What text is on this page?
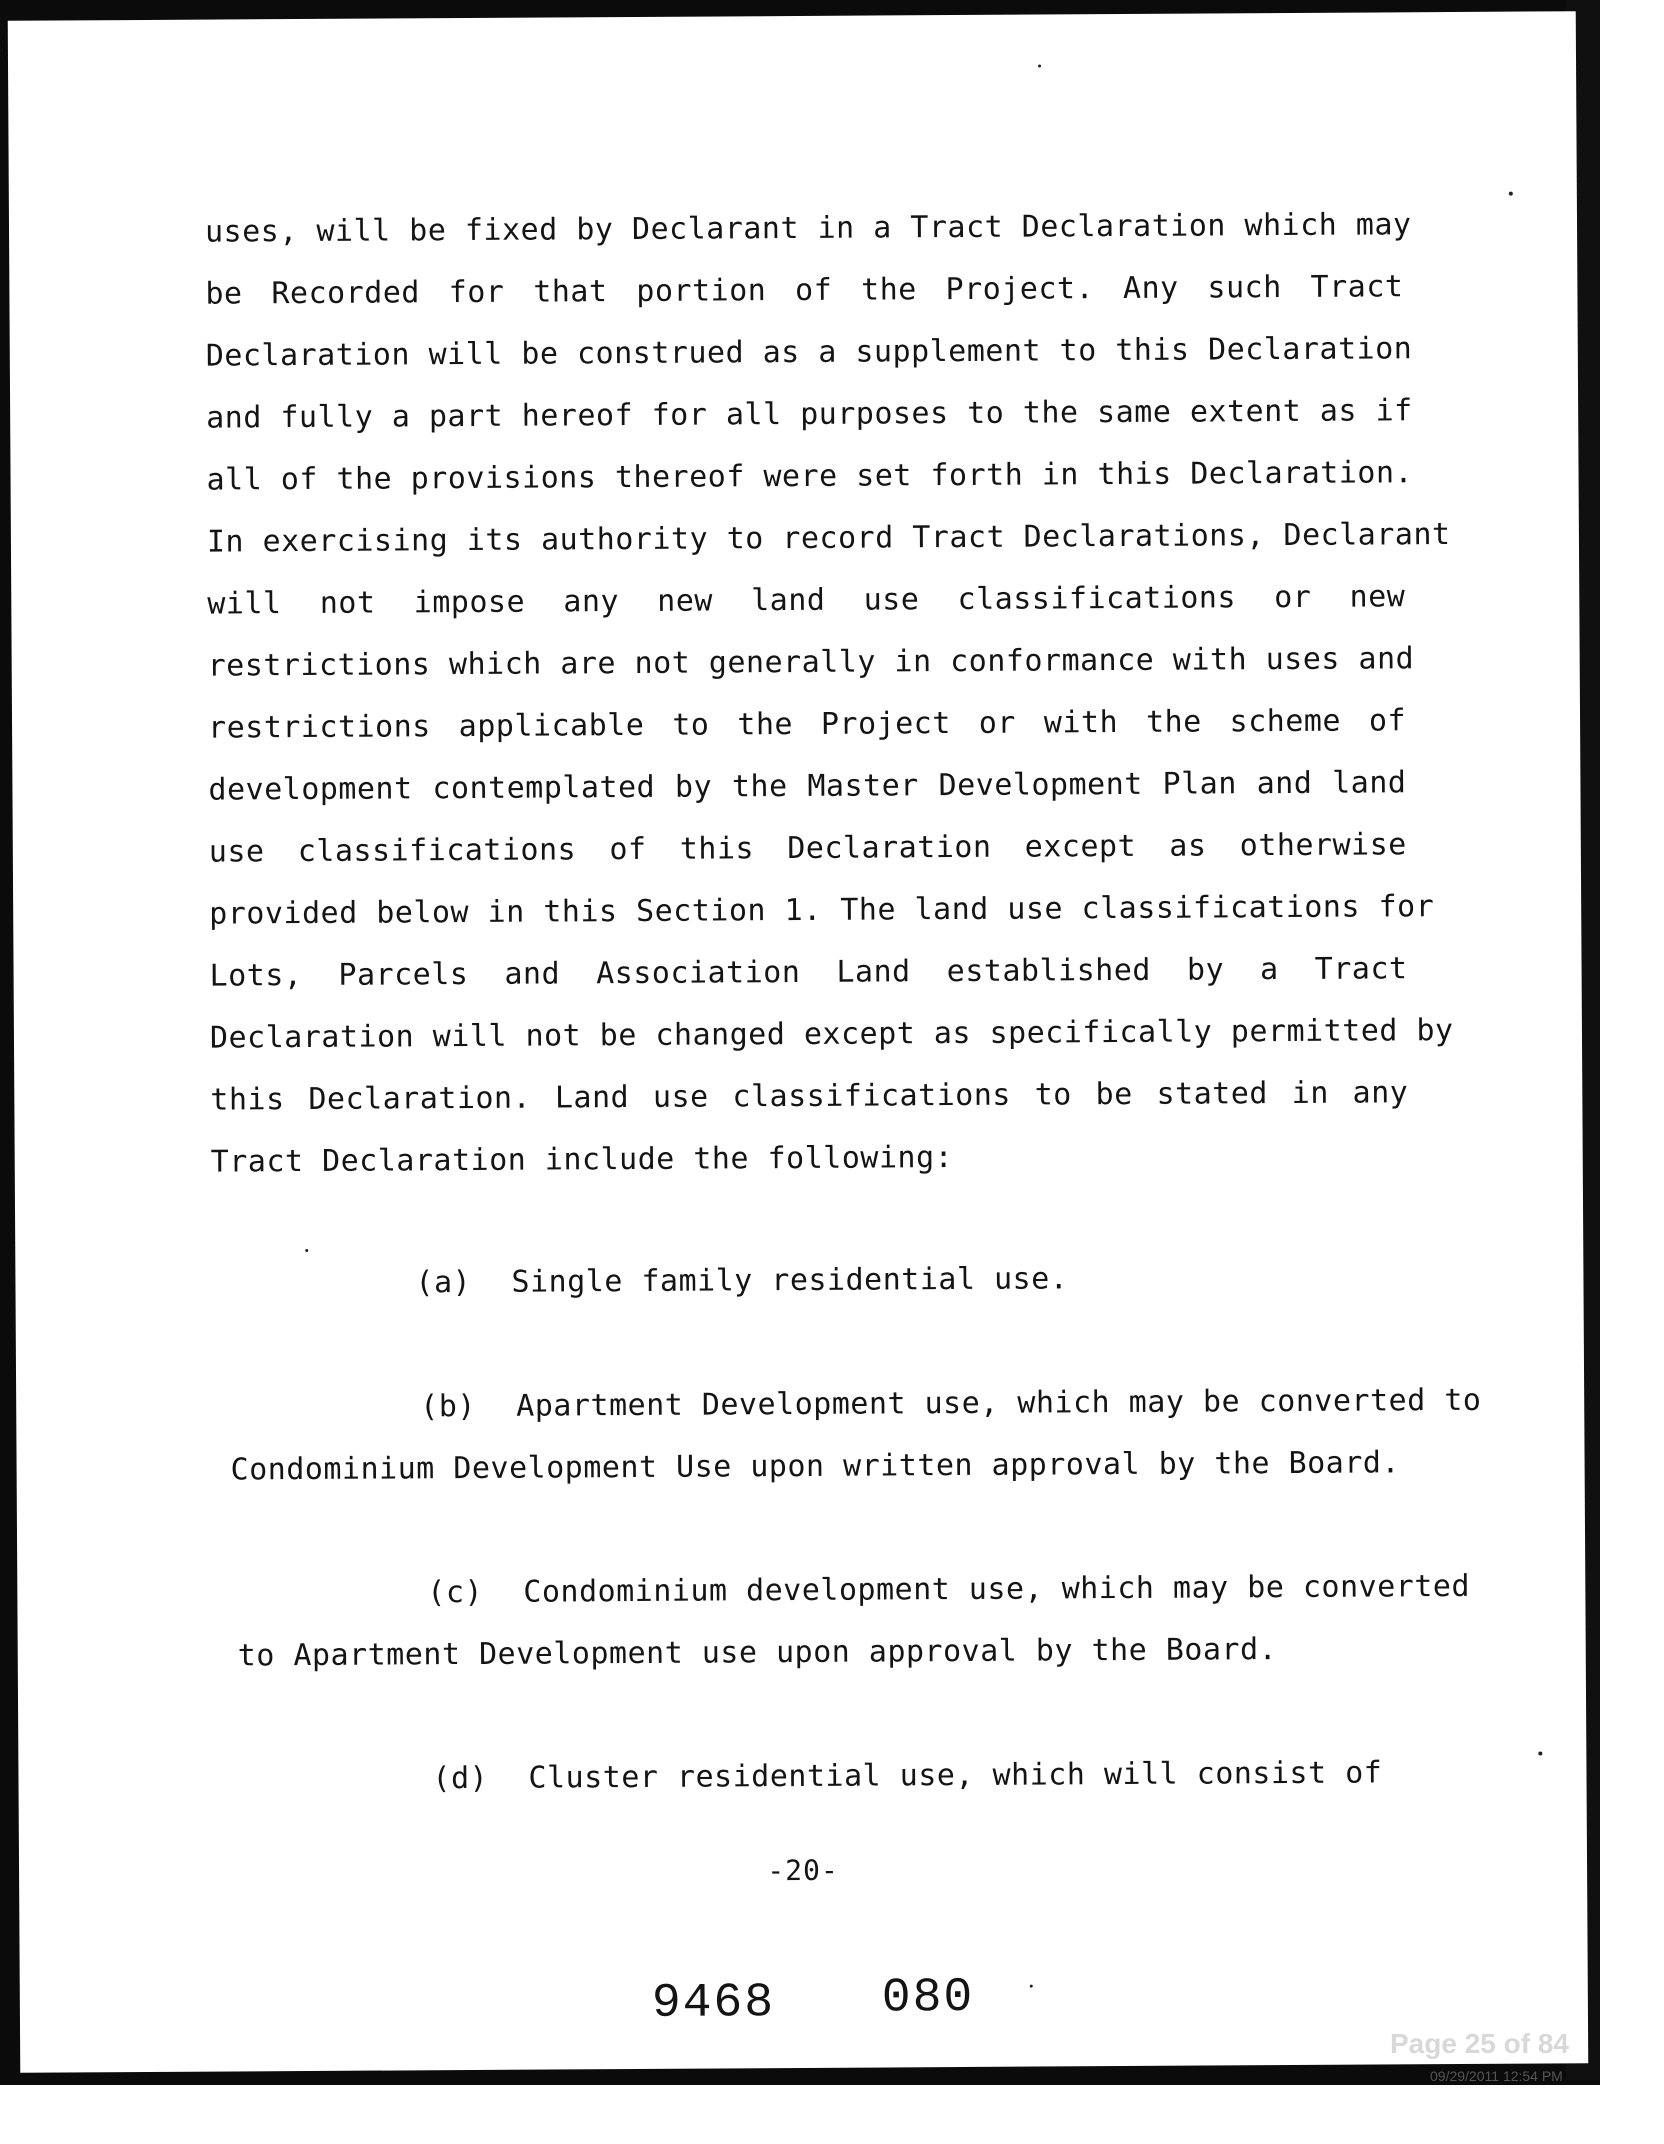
uses, will be fixed by Declarant in a Tract Declaration which may
be Recorded for that portion of the Project. Any such Tract
Declaration will be construed as a supplement to this Declaration
and fully a part hereof for all purposes to the same extent as if
all of the provisions thereof were set forth in this Declaration.
In exercising its authority to record Tract Declarations, Declarant
will not impose any new land use classifications or new
restrictions which are not generally in conformance with uses and
restrictions applicable to the Project or with the scheme of
development contemplated by the Master Development Plan and land
use classifications of this Declaration except as otherwise
provided below in this Section 1. The land use classifications for
Lots, Parcels and Association Land established by a Tract
Declaration will not be changed except as specifically permitted by
this Declaration. Land use classifications to be stated in any
Tract Declaration include the following:
(a) Single family residential use.
(b) Apartment Development use, which may be converted to
Condominium Development Use upon written approval by the Board.
(c) Condominium development use, which may be converted
to Apartment Development use upon approval by the Board.
(d) Cluster residential use, which will consist of
-20-
9468 080
Page 25 of 84
09/29/2011 12:54 PM
